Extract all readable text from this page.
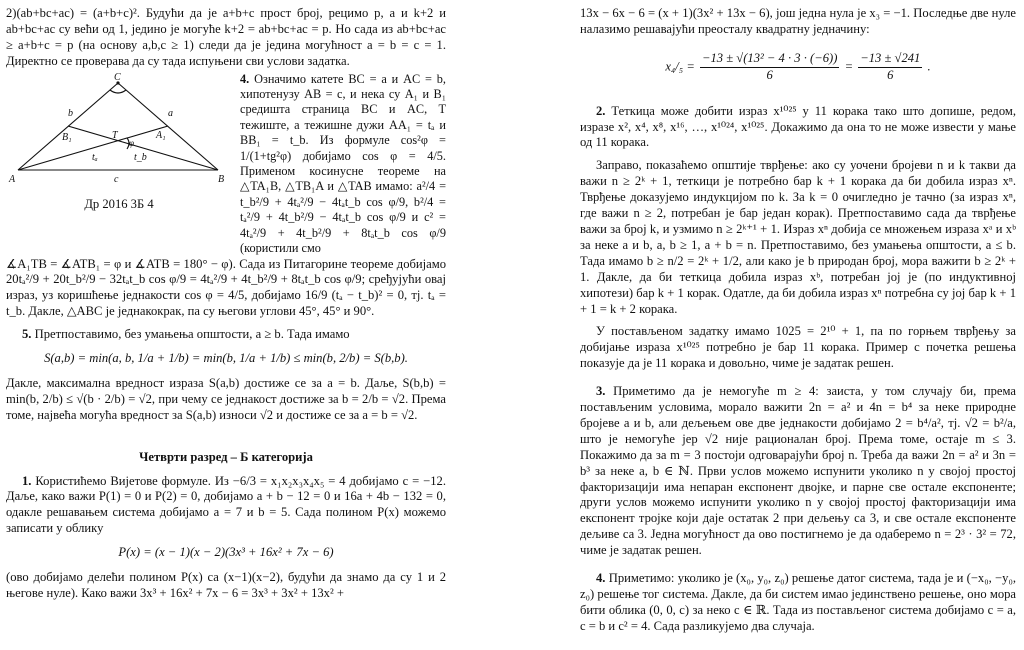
2)(ab+bc+ac) = (a+b+c)². Будући да је a+b+c прост број, рецимо p, а и k+2 и ab+bc+ac су већи од 1, једино је могуће k+2 = ab+bc+ac = p. Но сада из ab+bc+ac ≥ a+b+c = p (на основу a,b,c ≥ 1) следи да је једина могућност a = b = c = 1. Директно се проверава да су тада испуњени сви услови задатка.

C
A	B
B₁	A₁
T
b	a
c
tₐ	t_b
φ
Др 2016 3Б 4
4. Означимо катете BC = a и AC = b, хипотенузу AB = c, и нека су A₁ и B₁ средишта страница BC и AC, T тежиште, а тежишне дужи AA₁ = tₐ и BB₁ = t_b. Из формуле cos²φ = 1/(1+tg²φ) добијамо cos φ = 4/5. Применом косинусне теореме на △TA₁B, △TB₁A и △TAB имамо: a²/4 = t_b²/9 + 4tₐ²/9 − 4tₐt_b cos φ/9, b²/4 = tₐ²/9 + 4t_b²/9 − 4tₐt_b cos φ/9 и c² = 4tₐ²/9 + 4t_b²/9 + 8tₐt_b cos φ/9 (користили смо

∡A₁TB = ∡ATB₁ = φ и ∡ATB = 180° − φ). Сада из Питагорине теореме добијамо 20tₐ²/9 + 20t_b²/9 − 32tₐt_b cos φ/9 = 4tₐ²/9 + 4t_b²/9 + 8tₐt_b cos φ/9; сређујући овај израз, уз коришћење једнакости cos φ = 4/5, добијамо 16/9 (tₐ − t_b)² = 0, тј. tₐ = t_b. Дакле, △ABC је једнакокрак, па су његови углови 45°, 45° и 90°.

5. Претпоставимо, без умањења општости, a ≥ b. Тада имамо

S(a,b) = min(a, b, 1/a + 1/b) = min(b, 1/a + 1/b) ≤ min(b, 2/b) = S(b,b).

Дакле, максимална вредност израза S(a,b) достиже се за a = b. Даље, S(b,b) = min(b, 2/b) ≤ √(b · 2/b) = √2, при чему се једнакост достиже за b = 2/b = √2. Према томе, највећа могућа вредност за S(a,b) износи √2 и достиже се за a = b = √2.

Четврти разред – Б категорија

1. Користићемо Вијетове формуле. Из −6/3 = x₁x₂x₃x₄x₅ = 4 добијамо c = −12. Даље, како важи P(1) = 0 и P(2) = 0, добијамо a + b − 12 = 0 и 16a + 4b − 132 = 0, одакле решавањем система добијамо a = 7 и b = 5. Сада полином P(x) можемо записати у облику

P(x) = (x − 1)(x − 2)(3x³ + 16x² + 7x − 6)

(ово добијамо делећи полином P(x) са (x−1)(x−2), будући да знамо да су 1 и 2 његове нуле). Како важи 3x³ + 16x² + 7x − 6 = 3x³ + 3x² + 13x² +

13x − 6x − 6 = (x + 1)(3x² + 13x − 6), још једна нула је x₃ = −1. Последње две нуле налазимо решавајући преосталу квадратну једначину:

$x_4/_5 = \frac{\text{−13 ± √(13² − 4 · 3 · (−6))}}{6} = \frac{-13 \pm √241}{6}$ .

2. Теткица може добити израз x¹⁰²⁵ у 11 корака тако што допише, редом, изразе x², x⁴, x⁸, x¹⁶, …, x¹⁰²⁴, x¹⁰²⁵. Докажимо да она то не може извести у мање од 11 корака.

Заправо, показаћемо општије тврђење: ако су уочени бројеви n и k такви да важи n ≥ 2ᵏ + 1, теткици је потребно бар k + 1 корака да би добила израз xⁿ. Тврђење доказујемо индукцијом по k. За k = 0 очигледно је тачно (за израз xⁿ, где важи n ≥ 2, потребан је бар један корак). Претпоставимо сада да тврђење важи за број k, и узмимо n ≥ 2ᵏ⁺¹ + 1. Израз xⁿ добија се множењем израза xᵃ и xᵇ за неке a и b, a, b ≥ 1, a + b = n. Претпоставимо, без умањења општости, a ≤ b. Тада имамо b ≥ n/2 = 2ᵏ + 1/2, али како је b природан број, мора важити b ≥ 2ᵏ + 1. Дакле, да би теткица добила израз xᵇ, потребан јој је (по индуктивној хипотези) бар k + 1 корак. Одатле, да би добила израз xⁿ потребна су јој бар k + 1 + 1 = k + 2 корака.

У постављеном задатку имамо 1025 = 2¹⁰ + 1, па по горњем тврђењу за добијање израза x¹⁰²⁵ потребно је бар 11 корака. Пример с почетка решења показује да је 11 корака и довољно, чиме је задатак решен.

3. Приметимо да је немогуће m ≥ 4: заиста, у том случају би, према постављеним условима, морало важити 2n = a² и 4n = b⁴ за неке природне бројеве a и b, али дељењем ове две једнакости добијамо 2 = b⁴/a², тј. √2 = b²/a, што је немогуће јер √2 није рационалан број. Према томе, остаје m ≤ 3. Покажимо да за m = 3 постоји одговарајући број n. Треба да важи 2n = a² и 3n = b³ за неке a, b ∈ ℕ. Први услов можемо испунити уколико n у својој простој факторизацији има непаран експонент двојке, и парне све остале експоненте; други услов можемо испунити уколико n у својој простој факторизацији има експонент тројке који даје остатак 2 при дељењу са 3, и све остале експоненте дељиве са 3. Једна могућност да ово постигнемо је да одаберемо n = 2³ · 3² = 72, чиме је задатак решен.

4. Приметимо: уколико је (x₀, y₀, z₀) решење датог система, тада је и (−x₀, −y₀, z₀) решење тог система. Дакле, да би систем имао јединствено решење, оно мора бити облика (0, 0, c) за неко c ∈ ℝ. Тада из постављеног система добијамо c = a, c = b и c² = 4. Сада разликујемо два случаја.
